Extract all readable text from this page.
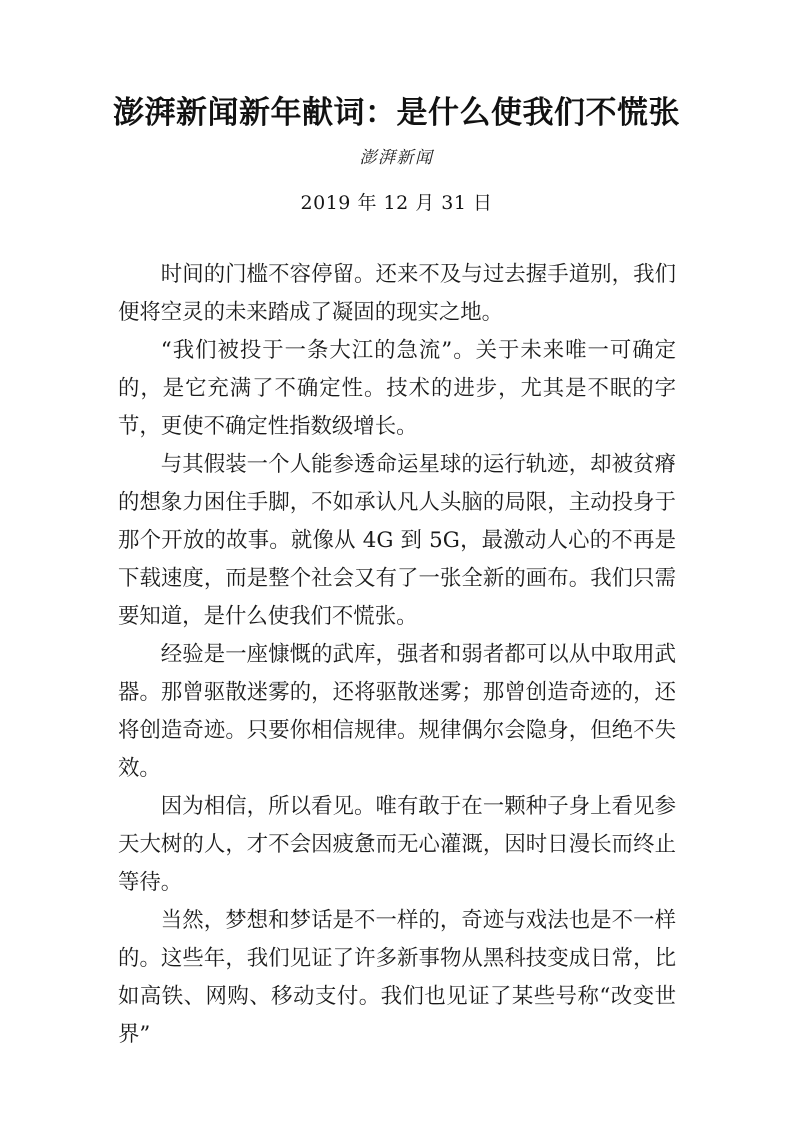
澎湃新闻新年献词：是什么使我们不慌张
澎湃新闻
2019 年 12 月 31 日

时间的门槛不容停留。还来不及与过去握手道别，我们便将空灵的未来踏成了凝固的现实之地。

“我们被投于一条大江的急流”。关于未来唯一可确定的，是它充满了不确定性。技术的进步，尤其是不眠的字节，更使不确定性指数级增长。

与其假装一个人能参透命运星球的运行轨迹，却被贫瘠的想象力困住手脚，不如承认凡人头脑的局限，主动投身于那个开放的故事。就像从 4G 到 5G，最激动人心的不再是下载速度，而是整个社会又有了一张全新的画布。我们只需要知道，是什么使我们不慌张。

经验是一座慷慨的武库，强者和弱者都可以从中取用武器。那曾驱散迷雾的，还将驱散迷雾；那曾创造奇迹的，还将创造奇迹。只要你相信规律。规律偶尔会隐身，但绝不失效。

因为相信，所以看见。唯有敢于在一颗种子身上看见参天大树的人，才不会因疲惫而无心灌溉，因时日漫长而终止等待。

当然，梦想和梦话是不一样的，奇迹与戏法也是不一样的。这些年，我们见证了许多新事物从黑科技变成日常，比如高铁、网购、移动支付。我们也见证了某些号称“改变世界”
